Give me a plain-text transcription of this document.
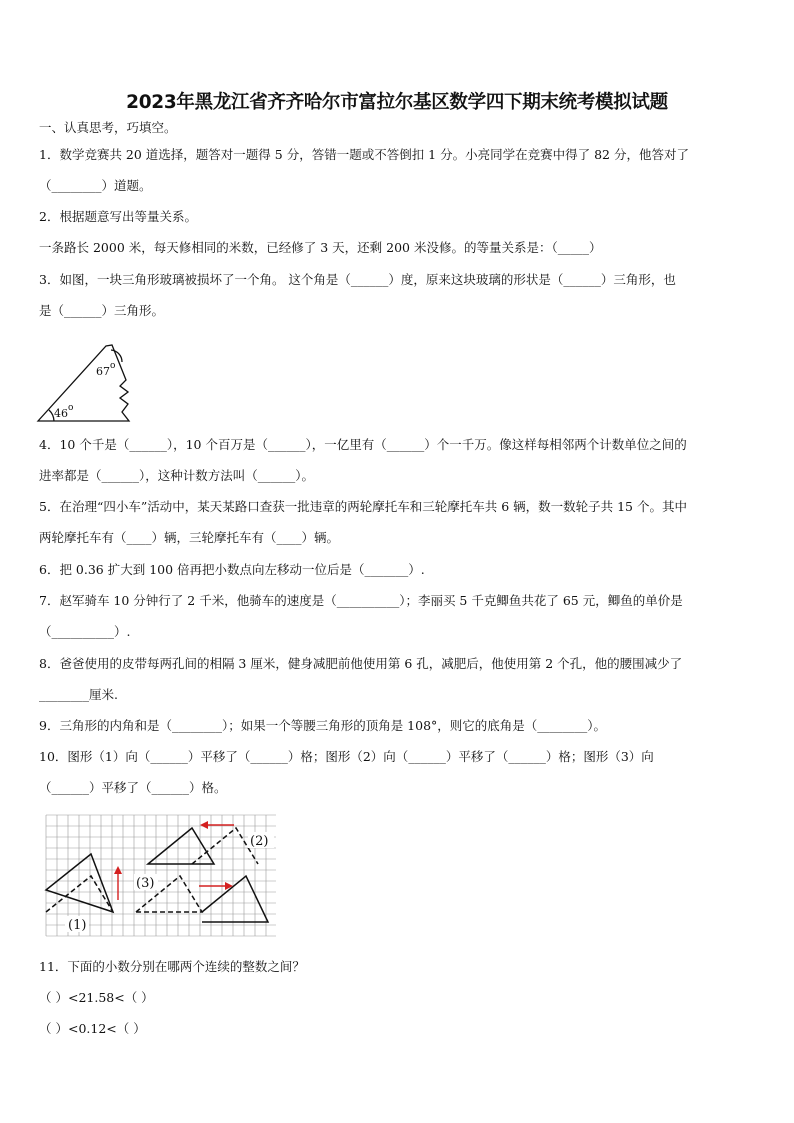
2023年黑龙江省齐齐哈尔市富拉尔基区数学四下期末统考模拟试题
一、认真思考，巧填空。
1．数学竞赛共 20 道选择，题答对一题得 5 分，答错一题或不答倒扣 1 分。小亮同学在竞赛中得了 82 分，他答对了
（________）道题。
2．根据题意写出等量关系。
一条路长 2000 米，每天修相同的米数，已经修了 3 天，还剩 200 米没修。的等量关系是：（_____）
3．如图，一块三角形玻璃被损坏了一个角。 这个角是（______）度，原来这块玻璃的形状是（______）三角形，也
是（______）三角形。
67 o
46 o
4．10 个千是（______），10 个百万是（______），一亿里有（______）个一千万。像这样每相邻两个计数单位之间的
进率都是（______），这种计数方法叫（______）。
5．在治理“四小车”活动中，某天某路口查获一批违章的两轮摩托车和三轮摩托车共 6 辆，数一数轮子共 15 个。其中
两轮摩托车有（____）辆，三轮摩托车有（____）辆。
6．把 0.36 扩大到 100 倍再把小数点向左移动一位后是（_______）.
7．赵军骑车 10 分钟行了 2 千米，他骑车的速度是（__________）；李丽买 5 千克鲫鱼共花了 65 元，鲫鱼的单价是
（__________）.
8．爸爸使用的皮带每两孔间的相隔 3 厘米，健身减肥前他使用第 6 孔，减肥后，他使用第 2 个孔，他的腰围减少了
________厘米.
9．三角形的内角和是（________）；如果一个等腰三角形的顶角是 108°，则它的底角是（________）。
10．图形（1）向（______）平移了（______）格；图形（2）向（______）平移了（______）格；图形（3）向
（______）平移了（______）格。
(1)
(2)
(3)
11．下面的小数分别在哪两个连续的整数之间？
（ ）<21.58<（ ）
（ ）<0.12<（ ）
